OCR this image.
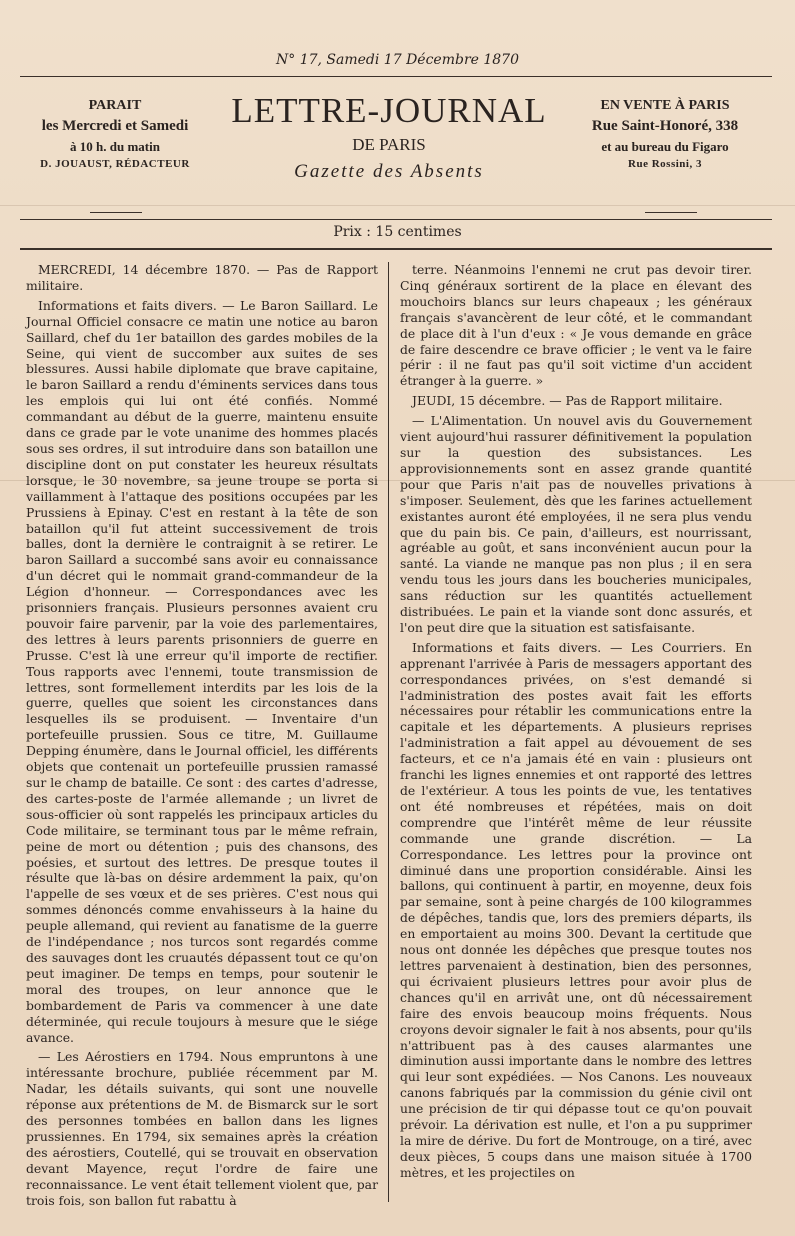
N° 17, Samedi 17 Décembre 1870
PARAIT
les Mercredi et Samedi
à 10 h. du matin
D. JOUAUST, RÉDACTEUR
LETTRE-JOURNAL
DE PARIS
Gazette des Absents
EN VENTE À PARIS
Rue Saint-Honoré, 338
et au bureau du Figaro
Rue Rossini, 3
Prix : 15 centimes

MERCREDI, 14 décembre 1870. — Pas de Rapport militaire.

Informations et faits divers. — Le Baron Saillard. Le Journal Officiel consacre ce matin une notice au baron Saillard, chef du 1er bataillon des gardes mobiles de la Seine, qui vient de succomber aux suites de ses blessures. Aussi habile diplomate que brave capitaine, le baron Saillard a rendu d'éminents services dans tous les emplois qui lui ont été confiés. Nommé commandant au début de la guerre, maintenu ensuite dans ce grade par le vote unanime des hommes placés sous ses ordres, il sut introduire dans son bataillon une discipline dont on put constater les heureux résultats lorsque, le 30 novembre, sa jeune troupe se porta si vaillamment à l'attaque des positions occupées par les Prussiens à Epinay. C'est en restant à la tête de son bataillon qu'il fut atteint successivement de trois balles, dont la dernière le contraignit à se retirer. Le baron Saillard a succombé sans avoir eu connaissance d'un décret qui le nommait grand-commandeur de la Légion d'honneur. — Correspondances avec les prisonniers français. Plusieurs personnes avaient cru pouvoir faire parvenir, par la voie des parlementaires, des lettres à leurs parents prisonniers de guerre en Prusse. C'est là une erreur qu'il importe de rectifier. Tous rapports avec l'ennemi, toute transmission de lettres, sont formellement interdits par les lois de la guerre, quelles que soient les circonstances dans lesquelles ils se produisent. — Inventaire d'un portefeuille prussien. Sous ce titre, M. Guillaume Depping énumère, dans le Journal officiel, les différents objets que contenait un portefeuille prussien ramassé sur le champ de bataille. Ce sont : des cartes d'adresse, des cartes-poste de l'armée allemande ; un livret de sous-officier où sont rappelés les principaux articles du Code militaire, se terminant tous par le même refrain, peine de mort ou détention ; puis des chansons, des poésies, et surtout des lettres. De presque toutes il résulte que là-bas on désire ardemment la paix, qu'on l'appelle de ses vœux et de ses prières. C'est nous qui sommes dénoncés comme envahisseurs à la haine du peuple allemand, qui revient au fanatisme de la guerre de l'indépendance ; nos turcos sont regardés comme des sauvages dont les cruautés dépassent tout ce qu'on peut imaginer. De temps en temps, pour soutenir le moral des troupes, on leur annonce que le bombardement de Paris va commencer à une date déterminée, qui recule toujours à mesure que le siége avance.

— Les Aérostiers en 1794. Nous empruntons à une intéressante brochure, publiée récemment par M. Nadar, les détails suivants, qui sont une nouvelle réponse aux prétentions de M. de Bismarck sur le sort des personnes tombées en ballon dans les lignes prussiennes. En 1794, six semaines après la création des aérostiers, Coutellé, qui se trouvait en observation devant Mayence, reçut l'ordre de faire une reconnaissance. Le vent était tellement violent que, par trois fois, son ballon fut rabattu à

terre. Néanmoins l'ennemi ne crut pas devoir tirer. Cinq généraux sortirent de la place en élevant des mouchoirs blancs sur leurs chapeaux ; les généraux français s'avancèrent de leur côté, et le commandant de place dit à l'un d'eux : « Je vous demande en grâce de faire descendre ce brave officier ; le vent va le faire périr : il ne faut pas qu'il soit victime d'un accident étranger à la guerre. »

JEUDI, 15 décembre. — Pas de Rapport militaire.

— L'Alimentation. Un nouvel avis du Gouvernement vient aujourd'hui rassurer définitivement la population sur la question des subsistances. Les approvisionnements sont en assez grande quantité pour que Paris n'ait pas de nouvelles privations à s'imposer. Seulement, dès que les farines actuellement existantes auront été employées, il ne sera plus vendu que du pain bis. Ce pain, d'ailleurs, est nourrissant, agréable au goût, et sans inconvénient aucun pour la santé. La viande ne manque pas non plus ; il en sera vendu tous les jours dans les boucheries municipales, sans réduction sur les quantités actuellement distribuées. Le pain et la viande sont donc assurés, et l'on peut dire que la situation est satisfaisante.

Informations et faits divers. — Les Courriers. En apprenant l'arrivée à Paris de messagers apportant des correspondances privées, on s'est demandé si l'administration des postes avait fait les efforts nécessaires pour rétablir les communications entre la capitale et les départements. A plusieurs reprises l'administration a fait appel au dévouement de ses facteurs, et ce n'a jamais été en vain : plusieurs ont franchi les lignes ennemies et ont rapporté des lettres de l'extérieur. A tous les points de vue, les tentatives ont été nombreuses et répétées, mais on doit comprendre que l'intérêt même de leur réussite commande une grande discrétion. — La Correspondance. Les lettres pour la province ont diminué dans une proportion considérable. Ainsi les ballons, qui continuent à partir, en moyenne, deux fois par semaine, sont à peine chargés de 100 kilogrammes de dépêches, tandis que, lors des premiers départs, ils en emportaient au moins 300. Devant la certitude que nous ont donnée les dépêches que presque toutes nos lettres parvenaient à destination, bien des personnes, qui écrivaient plusieurs lettres pour avoir plus de chances qu'il en arrivât une, ont dû nécessairement faire des envois beaucoup moins fréquents. Nous croyons devoir signaler le fait à nos absents, pour qu'ils n'attribuent pas à des causes alarmantes une diminution aussi importante dans le nombre des lettres qui leur sont expédiées. — Nos Canons. Les nouveaux canons fabriqués par la commission du génie civil ont une précision de tir qui dépasse tout ce qu'on pouvait prévoir. La dérivation est nulle, et l'on a pu supprimer la mire de dérive. Du fort de Montrouge, on a tiré, avec deux pièces, 5 coups dans une maison située à 1700 mètres, et les projectiles on
